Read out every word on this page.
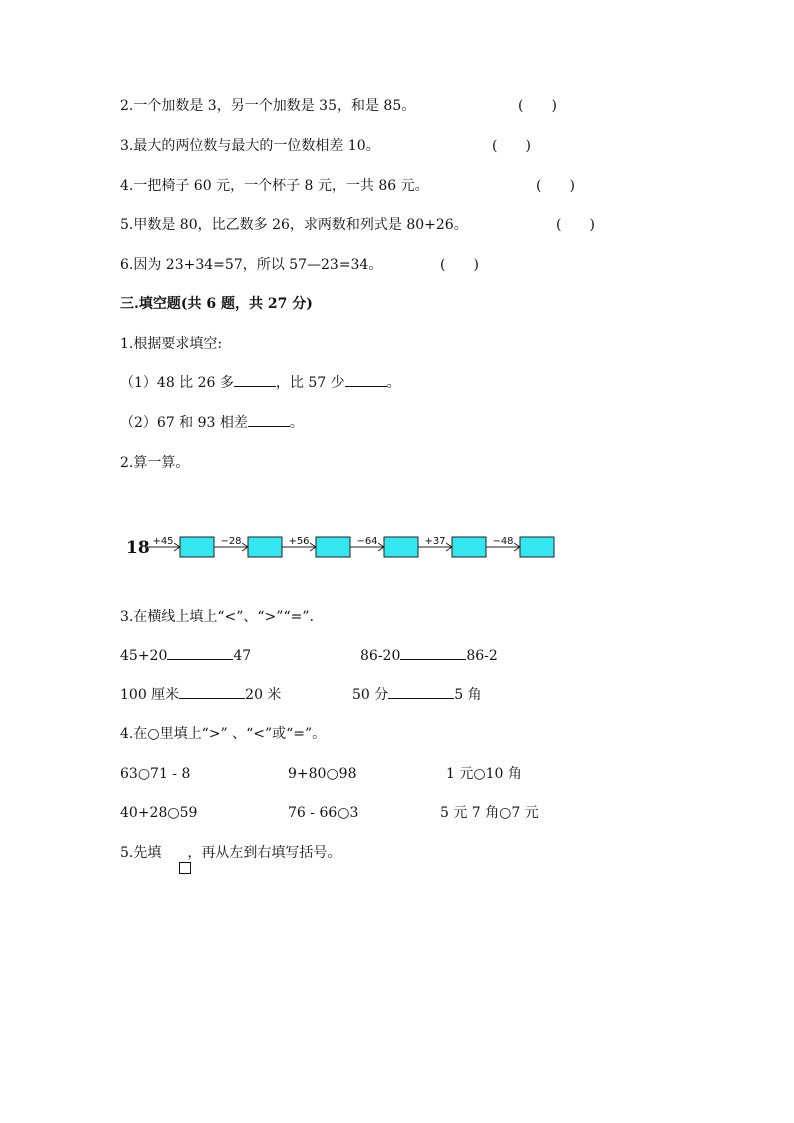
2.一个加数是 3，另一个加数是 35，和是 85。	(　　)
3.最大的两位数与最大的一位数相差 10。	(　　)
4.一把椅子 60 元，一个杯子 8 元，一共 86 元。	(　　)
5.甲数是 80，比乙数多 26，求两数和列式是 80+26。	(　　)
6.因为 23+34=57，所以 57—23=34。	(　　)
三.填空题(共 6 题，共 27 分)
1.根据要求填空:
（1）48 比 26 多	，比 57 少	。
（2）67 和 93 相差	。
2.算一算。
18 +45	−28	+56	−64	+37	−48
3.在横线上填上“<”、“>”“=”.
45+20	47	86-20	86-2
100 厘米	20 米	50 分	5 角
4.在○里填上“>” 、“<”或“=”。
63○71 - 8	9+80○98	1 元○10 角
40+28○59	76 - 66○3	5 元 7 角○7 元
5.先填 ，再从左到右填写括号。
